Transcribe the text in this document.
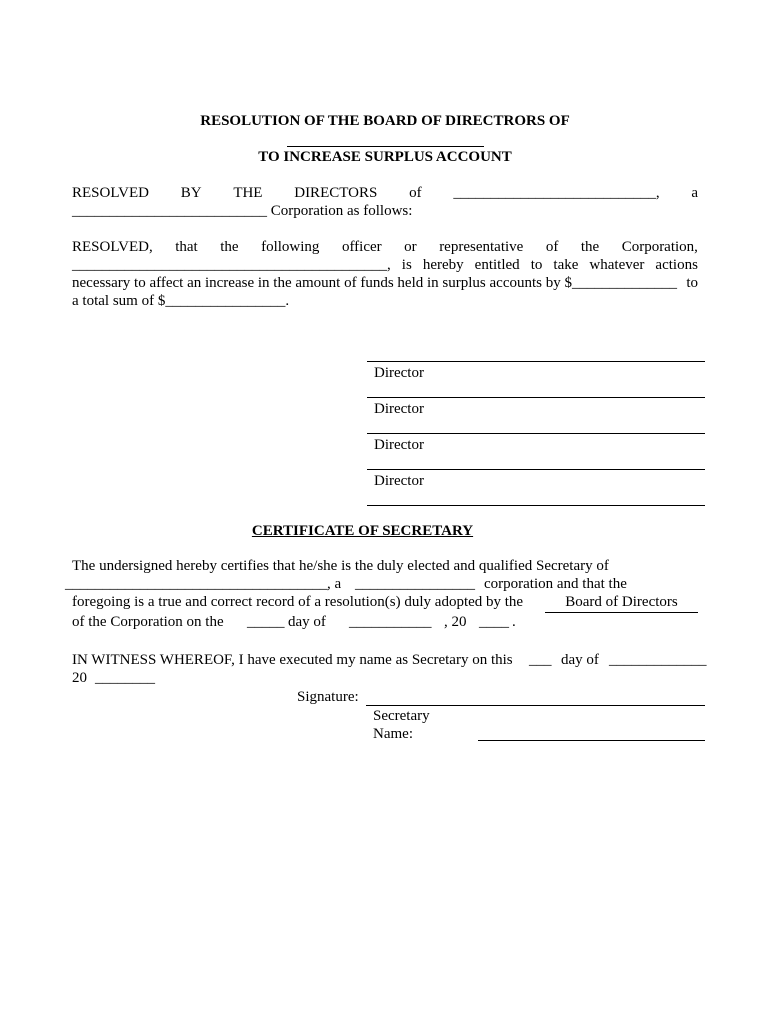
RESOLUTION OF THE BOARD OF DIRECTRORS OF
TO INCREASE SURPLUS ACCOUNT
RESOLVED BY THE DIRECTORS of ___________________________, a
__________________________ Corporation as follows:
RESOLVED, that the following officer or representative of the Corporation,
__________________________________________, is hereby entitled to take whatever actions
necessary to affect an increase in the amount of funds held in surplus accounts by $______________ to
a total sum of $________________.
Director
Director
Director
Director
CERTIFICATE OF SECRETARY
The undersigned hereby certifies that he/she is the duly elected and qualified Secretary of
___________________________________ , a ________________ corporation and that the
foregoing is a true and correct record of a resolution(s) duly adopted by the	Board of Directors
of the Corporation on the _____ day of ___________ , 20 ____ .
IN WITNESS WHEREOF, I have executed my name as Secretary on this ___ day of _____________
20 ________
Signature:
Secretary
Name:
